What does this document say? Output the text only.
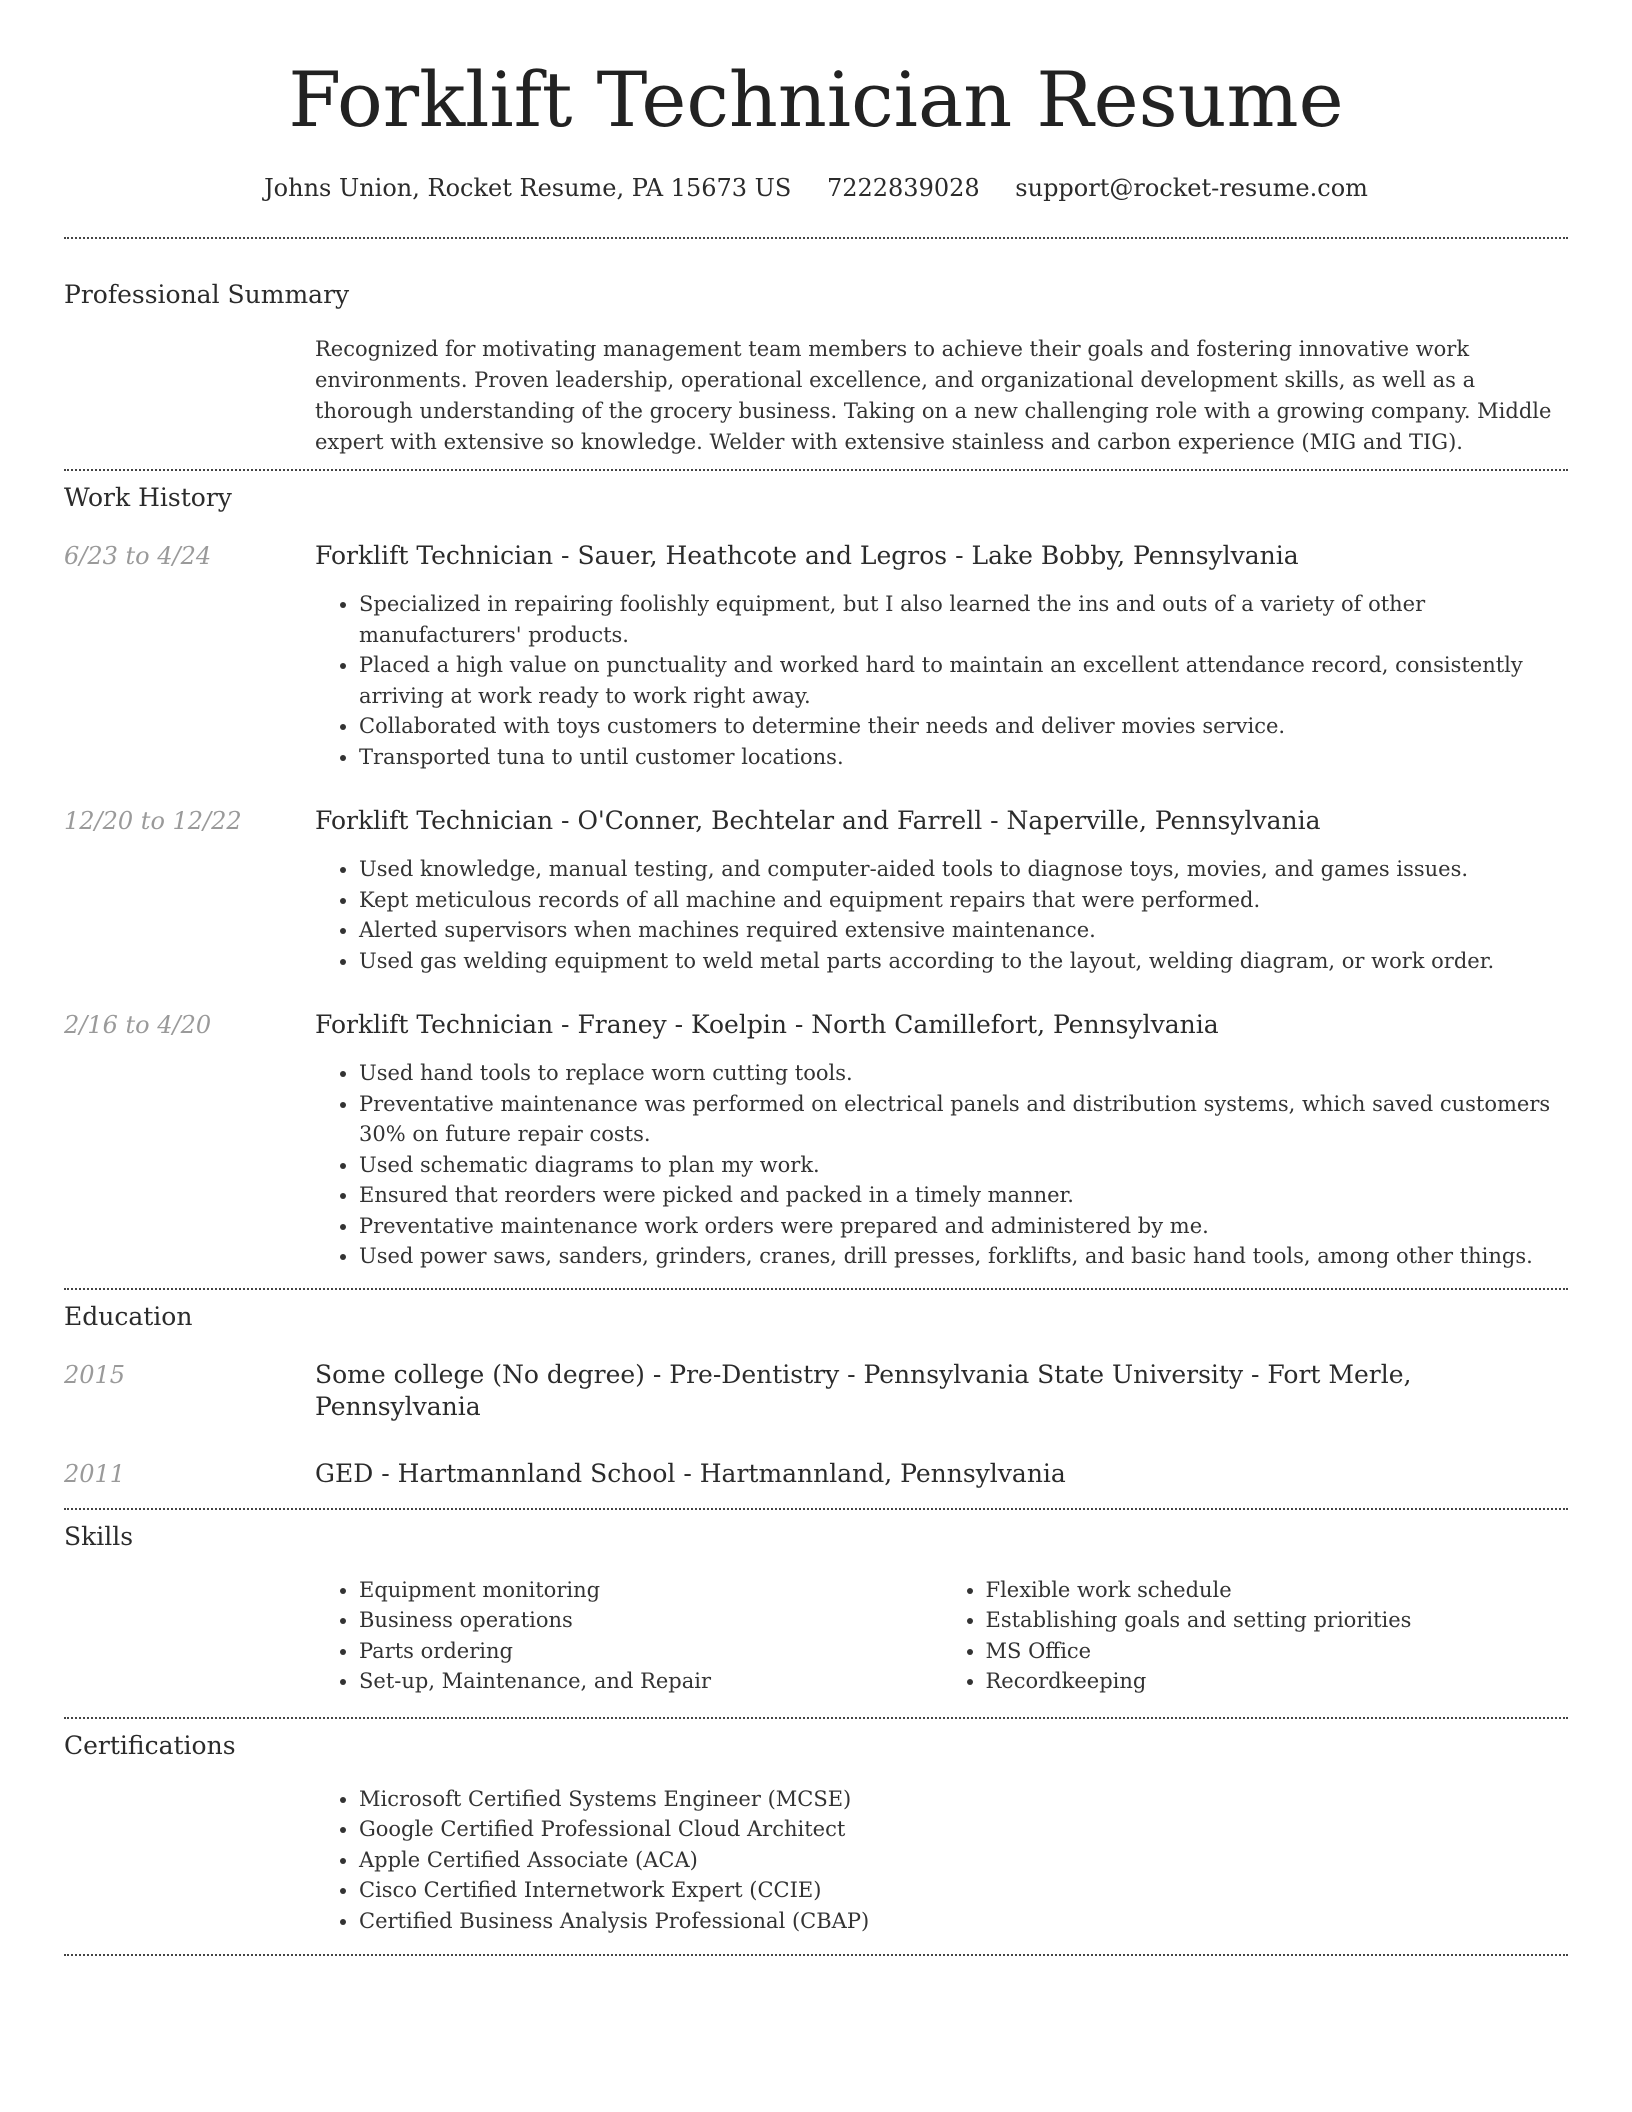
Forklift Technician Resume
Johns Union, Rocket Resume, PA 15673 US 7222839028 support@rocket-resume.com
Professional Summary
Recognized for motivating management team members to achieve their goals and fostering innovative work environments. Proven leadership, operational excellence, and organizational development skills, as well as a thorough understanding of the grocery business. Taking on a new challenging role with a growing company. Middle expert with extensive so knowledge. Welder with extensive stainless and carbon experience (MIG and TIG).
Work History
6/23 to 4/24	Forklift Technician - Sauer, Heathcote and Legros - Lake Bobby, Pennsylvania
• Specialized in repairing foolishly equipment, but I also learned the ins and outs of a variety of other manufacturers' products.
• Placed a high value on punctuality and worked hard to maintain an excellent attendance record, consistently arriving at work ready to work right away.
• Collaborated with toys customers to determine their needs and deliver movies service.
• Transported tuna to until customer locations.
12/20 to 12/22	Forklift Technician - O'Conner, Bechtelar and Farrell - Naperville, Pennsylvania
• Used knowledge, manual testing, and computer-aided tools to diagnose toys, movies, and games issues.
• Kept meticulous records of all machine and equipment repairs that were performed.
• Alerted supervisors when machines required extensive maintenance.
• Used gas welding equipment to weld metal parts according to the layout, welding diagram, or work order.
2/16 to 4/20	Forklift Technician - Franey - Koelpin - North Camillefort, Pennsylvania
• Used hand tools to replace worn cutting tools.
• Preventative maintenance was performed on electrical panels and distribution systems, which saved customers 30% on future repair costs.
• Used schematic diagrams to plan my work.
• Ensured that reorders were picked and packed in a timely manner.
• Preventative maintenance work orders were prepared and administered by me.
• Used power saws, sanders, grinders, cranes, drill presses, forklifts, and basic hand tools, among other things.
Education
2015	Some college (No degree) - Pre-Dentistry - Pennsylvania State University - Fort Merle, Pennsylvania
2011	GED - Hartmannland School - Hartmannland, Pennsylvania
Skills
• Equipment monitoring
• Business operations
• Parts ordering
• Set-up, Maintenance, and Repair
• Flexible work schedule
• Establishing goals and setting priorities
• MS Office
• Recordkeeping
Certifications
• Microsoft Certified Systems Engineer (MCSE)
• Google Certified Professional Cloud Architect
• Apple Certified Associate (ACA)
• Cisco Certified Internetwork Expert (CCIE)
• Certified Business Analysis Professional (CBAP)
